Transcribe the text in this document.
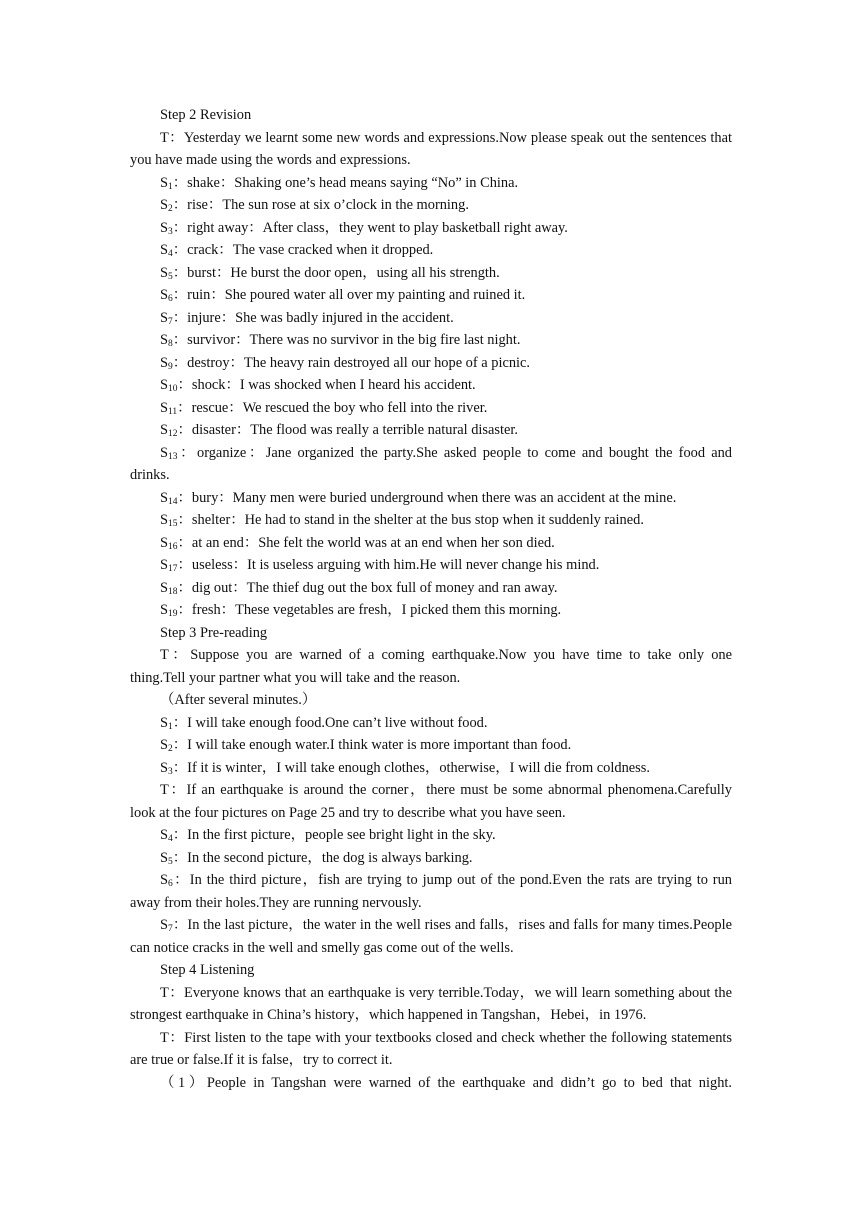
Step 2 Revision

T：Yesterday we learnt some new words and expressions.Now please speak out the sentences that you have made using the words and expressions.

$S_1$：shake：Shaking one’s head means saying “No” in China.

$S_2$：rise：The sun rose at six o’clock in the morning.

$S_3$：right away：After class，they went to play basketball right away.

$S_4$：crack：The vase cracked when it dropped.

$S_5$：burst：He burst the door open，using all his strength.

$S_6$：ruin：She poured water all over my painting and ruined it.

$S_7$：injure：She was badly injured in the accident.

$S_8$：survivor：There was no survivor in the big fire last night.

$S_9$：destroy：The heavy rain destroyed all our hope of a picnic.

$S_{10}$：shock：I was shocked when I heard his accident.

$S_{11}$：rescue：We rescued the boy who fell into the river.

$S_{12}$：disaster：The flood was really a terrible natural disaster.

$S_{13}$：organize：Jane organized the party.She asked people to come and bought the food and drinks.

$S_{14}$：bury：Many men were buried underground when there was an accident at the mine.

$S_{15}$：shelter：He had to stand in the shelter at the bus stop when it suddenly rained.

$S_{16}$：at an end：She felt the world was at an end when her son died.

$S_{17}$：useless：It is useless arguing with him.He will never change his mind.

$S_{18}$：dig out：The thief dug out the box full of money and ran away.

$S_{19}$：fresh：These vegetables are fresh，I picked them this morning.

Step 3 Pre-reading

T：Suppose you are warned of a coming earthquake.Now you have time to take only one thing.Tell your partner what you will take and the reason.

（After several minutes.）

$S_1$：I will take enough food.One can’t live without food.

$S_2$：I will take enough water.I think water is more important than food.

$S_3$：If it is winter，I will take enough clothes，otherwise，I will die from coldness.

T：If an earthquake is around the corner，there must be some abnormal phenomena.Carefully look at the four pictures on Page 25 and try to describe what you have seen.

$S_4$：In the first picture，people see bright light in the sky.

$S_5$：In the second picture，the dog is always barking.

$S_6$：In the third picture，fish are trying to jump out of the pond.Even the rats are trying to run away from their holes.They are running nervously.

$S_7$：In the last picture，the water in the well rises and falls，rises and falls for many times.People can notice cracks in the well and smelly gas come out of the wells.

Step 4 Listening

T：Everyone knows that an earthquake is very terrible.Today，we will learn something about the strongest earthquake in China’s history，which happened in Tangshan，Hebei，in 1976.

T：First listen to the tape with your textbooks closed and check whether the following statements are true or false.If it is false，try to correct it.

（1）People in Tangshan were warned of the earthquake and didn’t go to bed that night.
